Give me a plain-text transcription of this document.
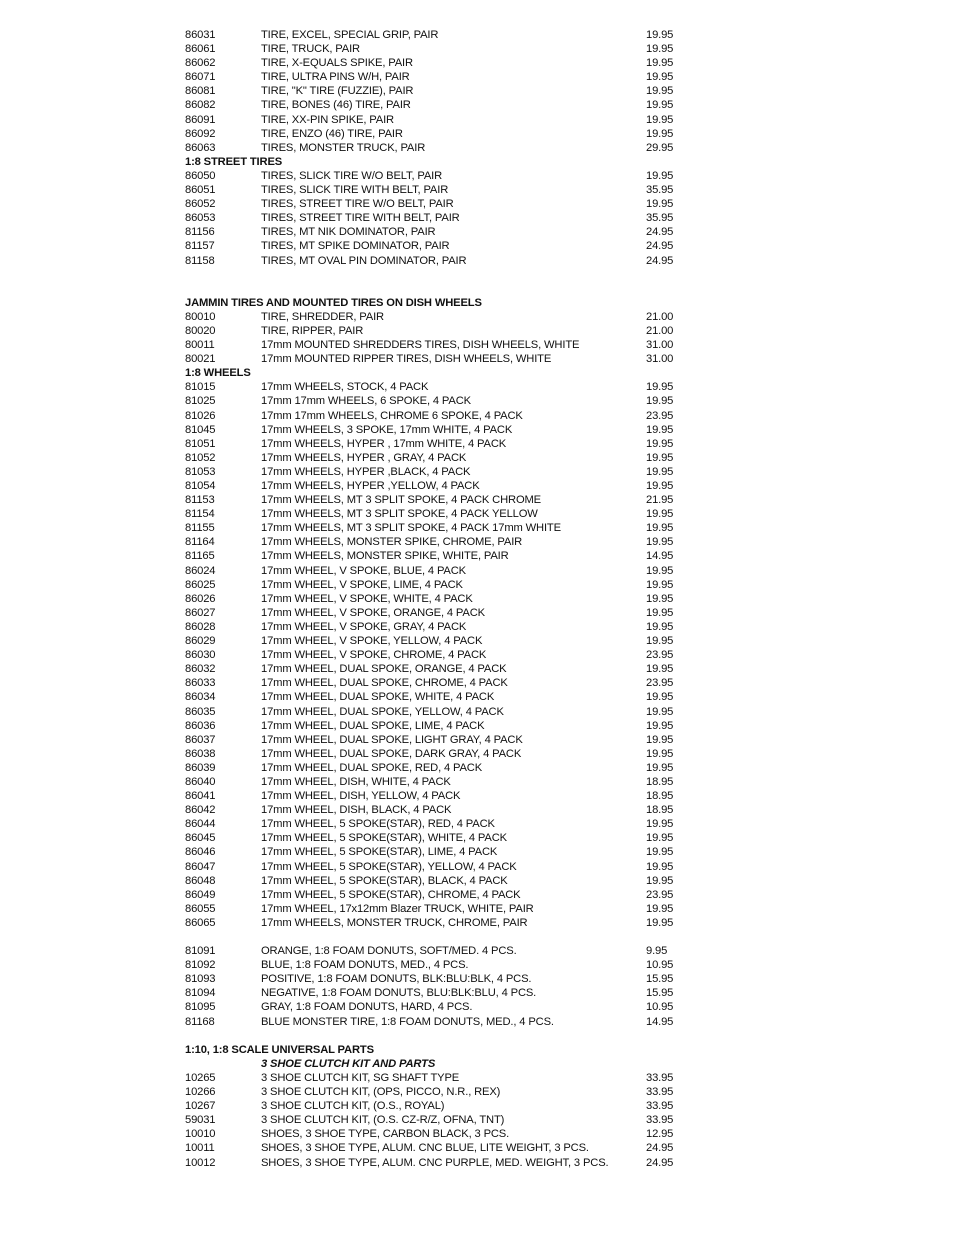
86031	TIRE, EXCEL, SPECIAL GRIP, PAIR	19.95
86061	TIRE, TRUCK, PAIR	19.95
86062	TIRE, X-EQUALS SPIKE, PAIR	19.95
86071	TIRE, ULTRA PINS W/H, PAIR	19.95
86081	TIRE, "K" TIRE (FUZZIE), PAIR	19.95
86082	TIRE, BONES (46) TIRE, PAIR	19.95
86091	TIRE, XX-PIN SPIKE, PAIR	19.95
86092	TIRE, ENZO (46) TIRE, PAIR	19.95
86063	TIRES, MONSTER TRUCK, PAIR	29.95
1:8 STREET TIRES
86050	TIRES, SLICK TIRE W/O BELT, PAIR	19.95
86051	TIRES, SLICK TIRE WITH BELT, PAIR	35.95
86052	TIRES, STREET TIRE W/O BELT, PAIR	19.95
86053	TIRES, STREET TIRE WITH BELT, PAIR	35.95
81156	TIRES, MT NIK DOMINATOR, PAIR	24.95
81157	TIRES, MT SPIKE DOMINATOR, PAIR	24.95
81158	TIRES, MT OVAL PIN DOMINATOR, PAIR	24.95
JAMMIN TIRES AND MOUNTED TIRES ON DISH WHEELS
80010	TIRE, SHREDDER, PAIR	21.00
80020	TIRE, RIPPER, PAIR	21.00
80011	17mm MOUNTED SHREDDERS TIRES, DISH WHEELS, WHITE	31.00
80021	17mm MOUNTED RIPPER TIRES, DISH WHEELS, WHITE	31.00
1:8 WHEELS
81015	17mm WHEELS, STOCK, 4 PACK	19.95
81025	17mm 17mm WHEELS, 6 SPOKE, 4 PACK	19.95
81026	17mm 17mm WHEELS, CHROME 6 SPOKE, 4 PACK	23.95
81045	17mm WHEELS, 3 SPOKE, 17mm WHITE, 4 PACK	19.95
81051	17mm WHEELS, HYPER , 17mm WHITE, 4 PACK	19.95
81052	17mm WHEELS, HYPER , GRAY, 4 PACK	19.95
81053	17mm WHEELS, HYPER ,BLACK, 4 PACK	19.95
81054	17mm WHEELS, HYPER ,YELLOW, 4 PACK	19.95
81153	17mm WHEELS, MT 3 SPLIT SPOKE, 4 PACK CHROME	21.95
81154	17mm WHEELS, MT 3 SPLIT SPOKE, 4 PACK YELLOW	19.95
81155	17mm WHEELS, MT 3 SPLIT SPOKE, 4 PACK 17mm WHITE	19.95
81164	17mm WHEELS, MONSTER SPIKE, CHROME, PAIR	19.95
81165	17mm WHEELS, MONSTER SPIKE, WHITE, PAIR	14.95
86024	17mm WHEEL, V SPOKE, BLUE, 4 PACK	19.95
86025	17mm WHEEL, V SPOKE, LIME, 4 PACK	19.95
86026	17mm WHEEL, V SPOKE, WHITE, 4 PACK	19.95
86027	17mm WHEEL, V SPOKE, ORANGE, 4 PACK	19.95
86028	17mm WHEEL, V SPOKE, GRAY, 4 PACK	19.95
86029	17mm WHEEL, V SPOKE, YELLOW, 4 PACK	19.95
86030	17mm WHEEL, V SPOKE, CHROME, 4 PACK	23.95
86032	17mm WHEEL, DUAL SPOKE, ORANGE, 4 PACK	19.95
86033	17mm WHEEL, DUAL SPOKE, CHROME, 4 PACK	23.95
86034	17mm WHEEL, DUAL SPOKE, WHITE, 4 PACK	19.95
86035	17mm WHEEL, DUAL SPOKE, YELLOW, 4 PACK	19.95
86036	17mm WHEEL, DUAL SPOKE, LIME, 4 PACK	19.95
86037	17mm WHEEL, DUAL SPOKE, LIGHT GRAY, 4 PACK	19.95
86038	17mm WHEEL, DUAL SPOKE, DARK GRAY, 4 PACK	19.95
86039	17mm WHEEL, DUAL SPOKE, RED, 4 PACK	19.95
86040	17mm WHEEL, DISH, WHITE, 4 PACK	18.95
86041	17mm WHEEL, DISH, YELLOW, 4 PACK	18.95
86042	17mm WHEEL, DISH, BLACK, 4 PACK	18.95
86044	17mm WHEEL, 5 SPOKE(STAR), RED, 4 PACK	19.95
86045	17mm WHEEL, 5 SPOKE(STAR), WHITE, 4 PACK	19.95
86046	17mm WHEEL, 5 SPOKE(STAR), LIME, 4 PACK	19.95
86047	17mm WHEEL, 5 SPOKE(STAR), YELLOW, 4 PACK	19.95
86048	17mm WHEEL, 5 SPOKE(STAR), BLACK, 4 PACK	19.95
86049	17mm WHEEL, 5 SPOKE(STAR), CHROME, 4 PACK	23.95
86055	17mm WHEEL, 17x12mm Blazer TRUCK, WHITE, PAIR	19.95
86065	17mm WHEELS, MONSTER TRUCK, CHROME, PAIR	19.95
81091	ORANGE, 1:8 FOAM DONUTS, SOFT/MED. 4 PCS.	9.95
81092	BLUE, 1:8 FOAM DONUTS, MED., 4 PCS.	10.95
81093	POSITIVE, 1:8 FOAM DONUTS, BLK:BLU:BLK, 4 PCS.	15.95
81094	NEGATIVE, 1:8 FOAM DONUTS, BLU:BLK:BLU, 4 PCS.	15.95
81095	GRAY, 1:8 FOAM DONUTS, HARD, 4 PCS.	10.95
81168	BLUE MONSTER TIRE, 1:8 FOAM DONUTS, MED., 4 PCS.	14.95
1:10, 1:8 SCALE UNIVERSAL PARTS
3 SHOE CLUTCH KIT AND PARTS
10265	3 SHOE CLUTCH KIT, SG SHAFT TYPE	33.95
10266	3 SHOE CLUTCH KIT, (OPS, PICCO, N.R., REX)	33.95
10267	3 SHOE CLUTCH KIT, (O.S., ROYAL)	33.95
59031	3 SHOE CLUTCH KIT, (O.S. CZ-R/Z, OFNA, TNT)	33.95
10010	SHOES, 3 SHOE TYPE, CARBON BLACK, 3 PCS.	12.95
10011	SHOES, 3 SHOE TYPE, ALUM. CNC BLUE, LITE WEIGHT, 3 PCS.	24.95
10012	SHOES, 3 SHOE TYPE, ALUM. CNC PURPLE, MED. WEIGHT, 3 PCS.	24.95
